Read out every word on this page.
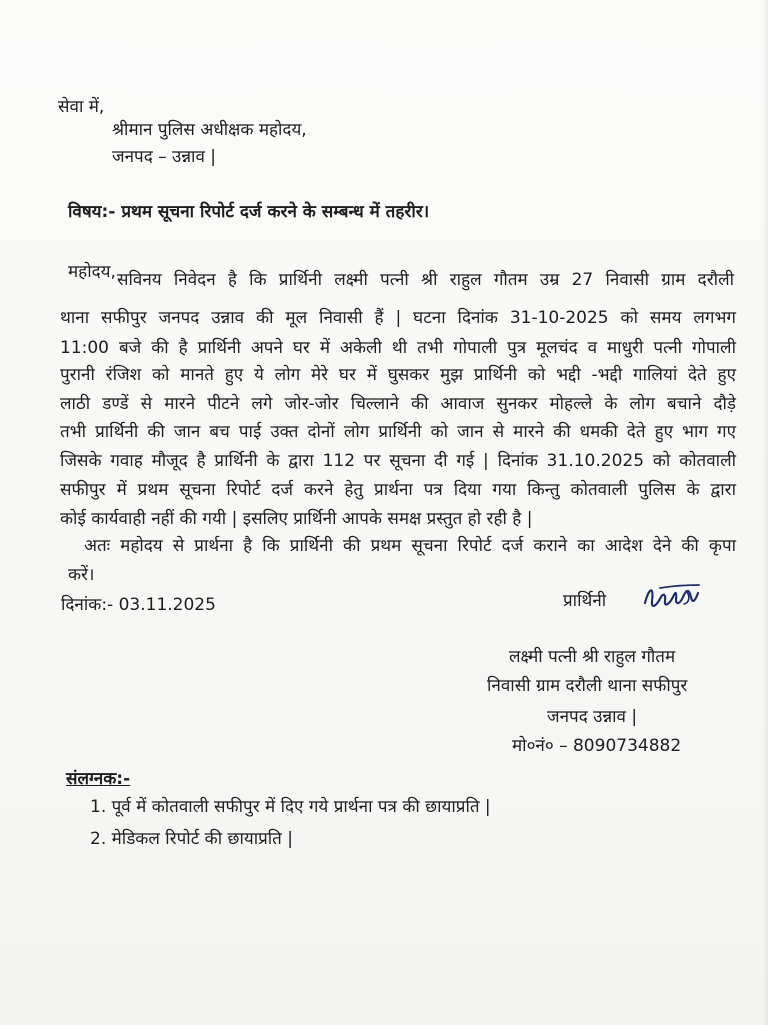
सेवा में,
श्रीमान पुलिस अधीक्षक महोदय,
जनपद – उन्नाव |
विषय:- प्रथम सूचना रिपोर्ट दर्ज करने के सम्बन्ध में तहरीर।
महोदय, सविनय निवेदन है कि प्रार्थिनी लक्ष्मी पत्नी श्री राहुल गौतम उम्र 27 निवासी ग्राम दरौली
थाना सफीपुर जनपद उन्नाव की मूल निवासी हैं | घटना दिनांक 31-10-2025 को समय लगभग
11:00 बजे की है प्रार्थिनी अपने घर में अकेली थी तभी गोपाली पुत्र मूलचंद व माधुरी पत्नी गोपाली
पुरानी रंजिश को मानते हुए ये लोग मेरे घर में घुसकर मुझ प्रार्थिनी को भद्दी -भद्दी गालियां देते हुए
लाठी डण्डें से मारने पीटने लगे जोर-जोर चिल्लाने की आवाज सुनकर मोहल्ले के लोग बचाने दौड़े
तभी प्रार्थिनी की जान बच पाई उक्त दोनों लोग प्रार्थिनी को जान से मारने की धमकी देते हुए भाग गए
जिसके गवाह मौजूद है प्रार्थिनी के द्वारा 112 पर सूचना दी गई | दिनांक 31.10.2025 को कोतवाली
सफीपुर में प्रथम सूचना रिपोर्ट दर्ज करने हेतु प्रार्थना पत्र दिया गया किन्तु कोतवाली पुलिस के द्वारा
कोई कार्यवाही नहीं की गयी | इसलिए प्रार्थिनी आपके समक्ष प्रस्तुत हो रही है |
अतः महोदय से प्रार्थना है कि प्रार्थिनी की प्रथम सूचना रिपोर्ट दर्ज कराने का आदेश देने की कृपा
करें।
दिनांक:- 03.11.2025	प्रार्थिनी
लक्ष्मी पत्नी श्री राहुल गौतम
निवासी ग्राम दरौली थाना सफीपुर
जनपद उन्नाव |
मो०नं० – 8090734882
संलग्नक:-
1. पूर्व में कोतवाली सफीपुर में दिए गये प्रार्थना पत्र की छायाप्रति |
2. मेडिकल रिपोर्ट की छायाप्रति |
